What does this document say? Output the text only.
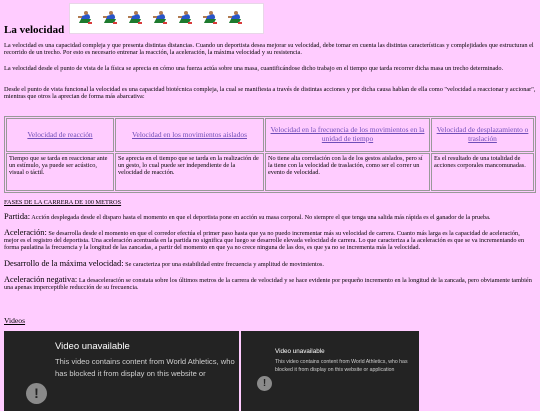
La velocidad

La velocidad es una capacidad compleja y que presenta distintas distancias. Cuando un deportista desea mejorar su velocidad, debe tomar en cuenta las distintas características y complejidades que estructuran el recorrido de un trecho. Por esto es necesario entrenar la reacción, la aceleración, la máxima velocidad y su resistencia.

La velocidad desde el punto de vista de la física se aprecia en cómo una fuerza actúa sobre una masa, cuantificándose dicho trabajo en el tiempo que tarda recorrer dicha masa un trecho determinado.

Desde el punto de vista funcional la velocidad es una capacidad biotécnica compleja, la cual se manifiesta a través de distintas acciones y por dicha causa hablan de ella como "velocidad a reaccionar y accionar", mientras que otros la aprecian de forma más abarcativa:

Velocidad de reacción	Velocidad en los movimientos aislados	Velocidad en la frecuencia de los movimientos en la unidad de tiempo	Velocidad de desplazamiento o traslación
Tiempo que se tarda en reaccionar ante un estímulo, ya puede ser acústico, visual o táctil.	Se aprecia en el tiempo que se tarda en la realización de un gesto, lo cual puede ser independiente de la velocidad de reacción.	No tiene alta correlación con la de los gestos aislados, pero sí la tiene con la velocidad de traslación, como ser el correr un evento de velocidad.	Es el resultado de una totalidad de acciones corporales mancomunadas.
FASES DE LA CARRERA DE 100 METROS
Partida: Acción desplegada desde el disparo hasta el momento en que el deportista pone en acción su masa corporal. No siempre el que tenga una salida más rápida es el ganador de la prueba.
Aceleración: Se desarrolla desde el momento en que el corredor efectúa el primer paso hasta que ya no puedo incrementar más su velocidad de carrera. Cuanto más larga es la capacidad de aceleración, mejor es el registro del deportista. Una aceleración acentuada en la partida no significa que luego se desarrolle elevada velocidad de carrera. Lo que caracteriza a la aceleración es que se va incrementando en forma paulatina la frecuencia y la longitud de las zancadas, a partir del momento en que ya no crece ninguna de las dos, es que ya no se incrementa más la velocidad.
Desarrollo de la máxima velocidad: Se caracteriza por una estabilidad entre frecuencia y amplitud de movimientos.
Aceleración negativa: La desaceleración se constata sobre los últimos metros de la carrera de velocidad y se hace evidente por pequeño incremento en la longitud de la zancada, pero obviamente también una apenas imperceptible reducción de su frecuencia.
Videos
Video unavailable
!
This video contains content from World Athletics, who has blocked it from display on this website or
Video unavailable
!
This video contains content from World Athletics, who has blocked it from display on this website or application
